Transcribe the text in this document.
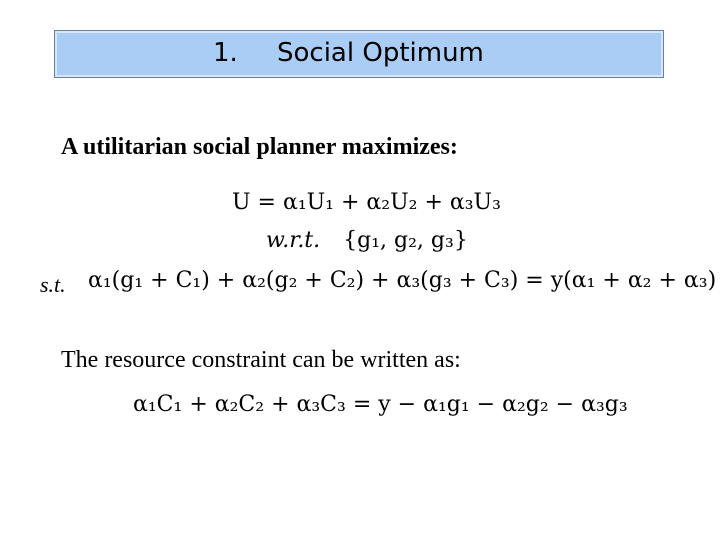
1. Social Optimum
A utilitarian social planner maximizes:
U = α₁U₁ + α₂U₂ + α₃U₃
w.r.t. {g₁, g₂, g₃}
s.t. α₁(g₁ + C₁) + α₂(g₂ + C₂) + α₃(g₃ + C₃) = y(α₁ + α₂ + α₃)
The resource constraint can be written as:
α₁C₁ + α₂C₂ + α₃C₃ = y − α₁g₁ − α₂g₂ − α₃g₃
